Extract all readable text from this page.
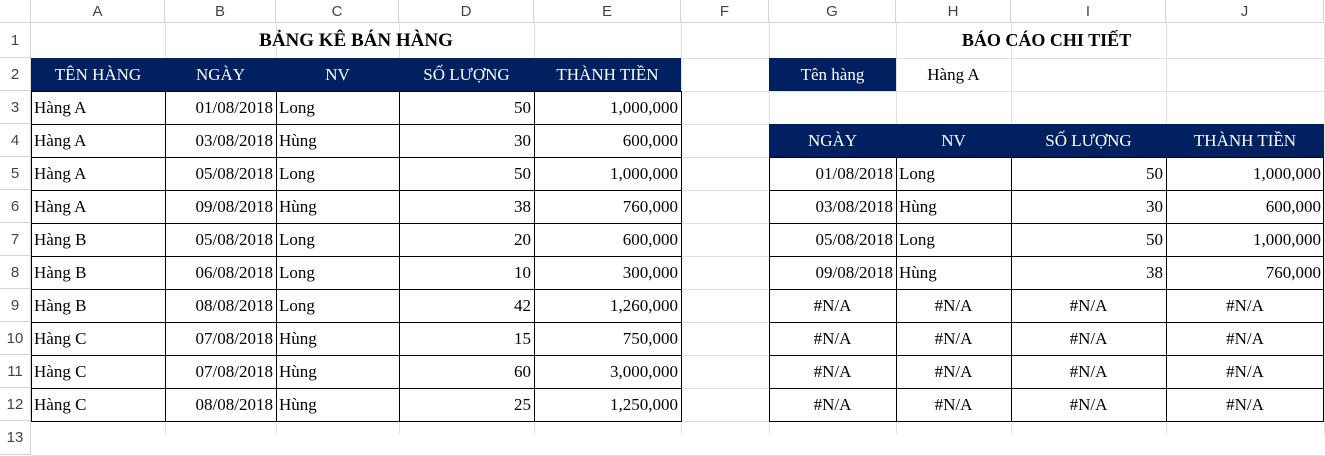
A	B	C	D	E	F	G	H	I	J
1
2
3
4
5
6
7
8
9
10
11
12
13
BẢNG KÊ BÁN HÀNG
TÊN HÀNG	NGÀY	NV	SỐ LƯỢNG	THÀNH TIỀN
Hàng A	01/08/2018 Long	50	1,000,000
Hàng A	03/08/2018 Hùng	30	600,000
Hàng A	05/08/2018 Long	50	1,000,000
Hàng A	09/08/2018 Hùng	38	760,000
Hàng B	05/08/2018 Long	20	600,000
Hàng B	06/08/2018 Long	10	300,000
Hàng B	08/08/2018 Long	42	1,260,000
Hàng C	07/08/2018 Hùng	15	750,000
Hàng C	07/08/2018 Hùng	60	3,000,000
Hàng C	08/08/2018 Hùng	25	1,250,000
BÁO CÁO CHI TIẾT
Tên hàng	Hàng A
NGÀY	NV	SỐ LƯỢNG	THÀNH TIỀN
01/08/2018 Long	50	1,000,000
03/08/2018 Hùng	30	600,000
05/08/2018 Long	50	1,000,000
09/08/2018 Hùng	38	760,000
#N/A	#N/A	#N/A	#N/A
#N/A	#N/A	#N/A	#N/A
#N/A	#N/A	#N/A	#N/A
#N/A	#N/A	#N/A	#N/A
